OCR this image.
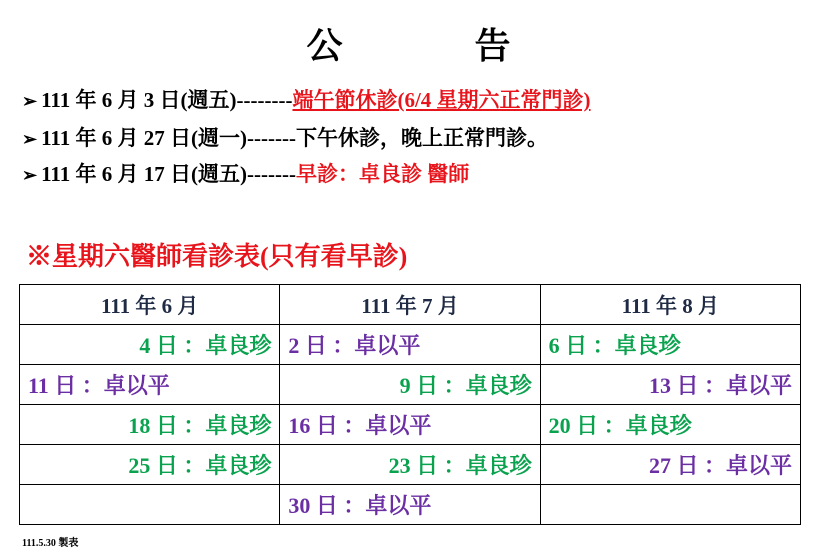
公　告
➢ 111 年 6 月 3 日(週五)--------端午節休診(6/4 星期六正常門診)
➢ 111 年 6 月 27 日(週一)-------下午休診，晚上正常門診。
➢ 111 年 6 月 17 日(週五)-------早診：卓良診 醫師
※星期六醫師看診表(只有看早診)
111 年 6 月	111 年 7 月	111 年 8 月
4 日 ：卓良珍	2 日 ：卓以平	6 日 ：卓良珍
11 日 ：卓以平	9 日 ：卓良珍	13 日 ：卓以平
18 日 ：卓良珍	16 日 ：卓以平	20 日 ：卓良珍
25 日 ：卓良珍	23 日 ：卓良珍	27 日 ：卓以平
	30 日 ：卓以平	
111.5.30 製表
